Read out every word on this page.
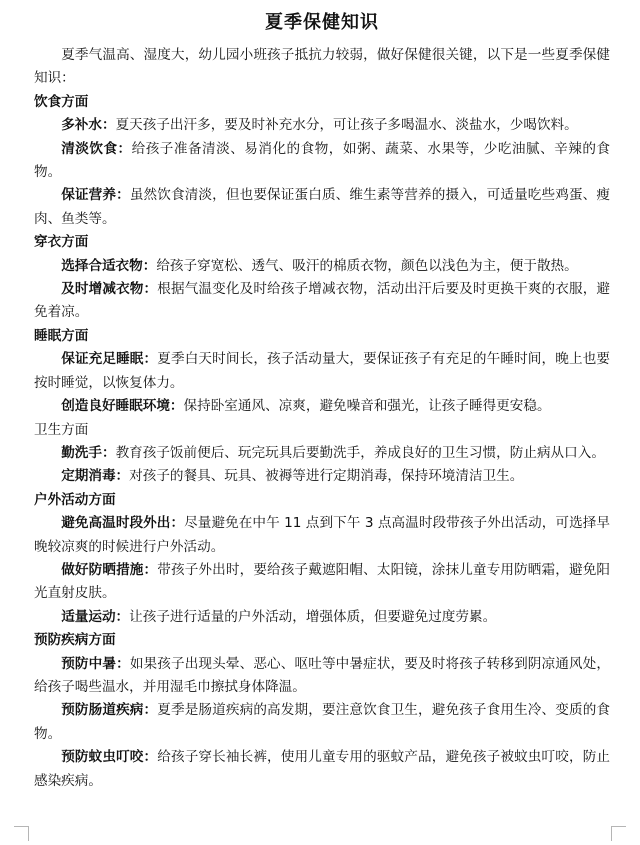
夏季保健知识

夏季气温高、湿度大，幼儿园小班孩子抵抗力较弱，做好保健很关键，以下是一些夏季保健知识：

饮食方面

多补水：夏天孩子出汗多，要及时补充水分，可让孩子多喝温水、淡盐水，少喝饮料。

清淡饮食：给孩子准备清淡、易消化的食物，如粥、蔬菜、水果等，少吃油腻、辛辣的食物。

保证营养：虽然饮食清淡，但也要保证蛋白质、维生素等营养的摄入，可适量吃些鸡蛋、瘦肉、鱼类等。

穿衣方面

选择合适衣物：给孩子穿宽松、透气、吸汗的棉质衣物，颜色以浅色为主，便于散热。

及时增减衣物：根据气温变化及时给孩子增减衣物，活动出汗后要及时更换干爽的衣服，避免着凉。

睡眠方面

保证充足睡眠：夏季白天时间长，孩子活动量大，要保证孩子有充足的午睡时间，晚上也要按时睡觉，以恢复体力。

创造良好睡眠环境：保持卧室通风、凉爽，避免噪音和强光，让孩子睡得更安稳。

卫生方面

勤洗手：教育孩子饭前便后、玩完玩具后要勤洗手，养成良好的卫生习惯，防止病从口入。

定期消毒：对孩子的餐具、玩具、被褥等进行定期消毒，保持环境清洁卫生。

户外活动方面

避免高温时段外出：尽量避免在中午 11 点到下午 3 点高温时段带孩子外出活动，可选择早晚较凉爽的时候进行户外活动。

做好防晒措施：带孩子外出时，要给孩子戴遮阳帽、太阳镜，涂抹儿童专用防晒霜，避免阳光直射皮肤。

适量运动：让孩子进行适量的户外活动，增强体质，但要避免过度劳累。

预防疾病方面

预防中暑：如果孩子出现头晕、恶心、呕吐等中暑症状，要及时将孩子转移到阴凉通风处，给孩子喝些温水，并用湿毛巾擦拭身体降温。

预防肠道疾病：夏季是肠道疾病的高发期，要注意饮食卫生，避免孩子食用生冷、变质的食物。

预防蚊虫叮咬：给孩子穿长袖长裤，使用儿童专用的驱蚊产品，避免孩子被蚊虫叮咬，防止感染疾病。
